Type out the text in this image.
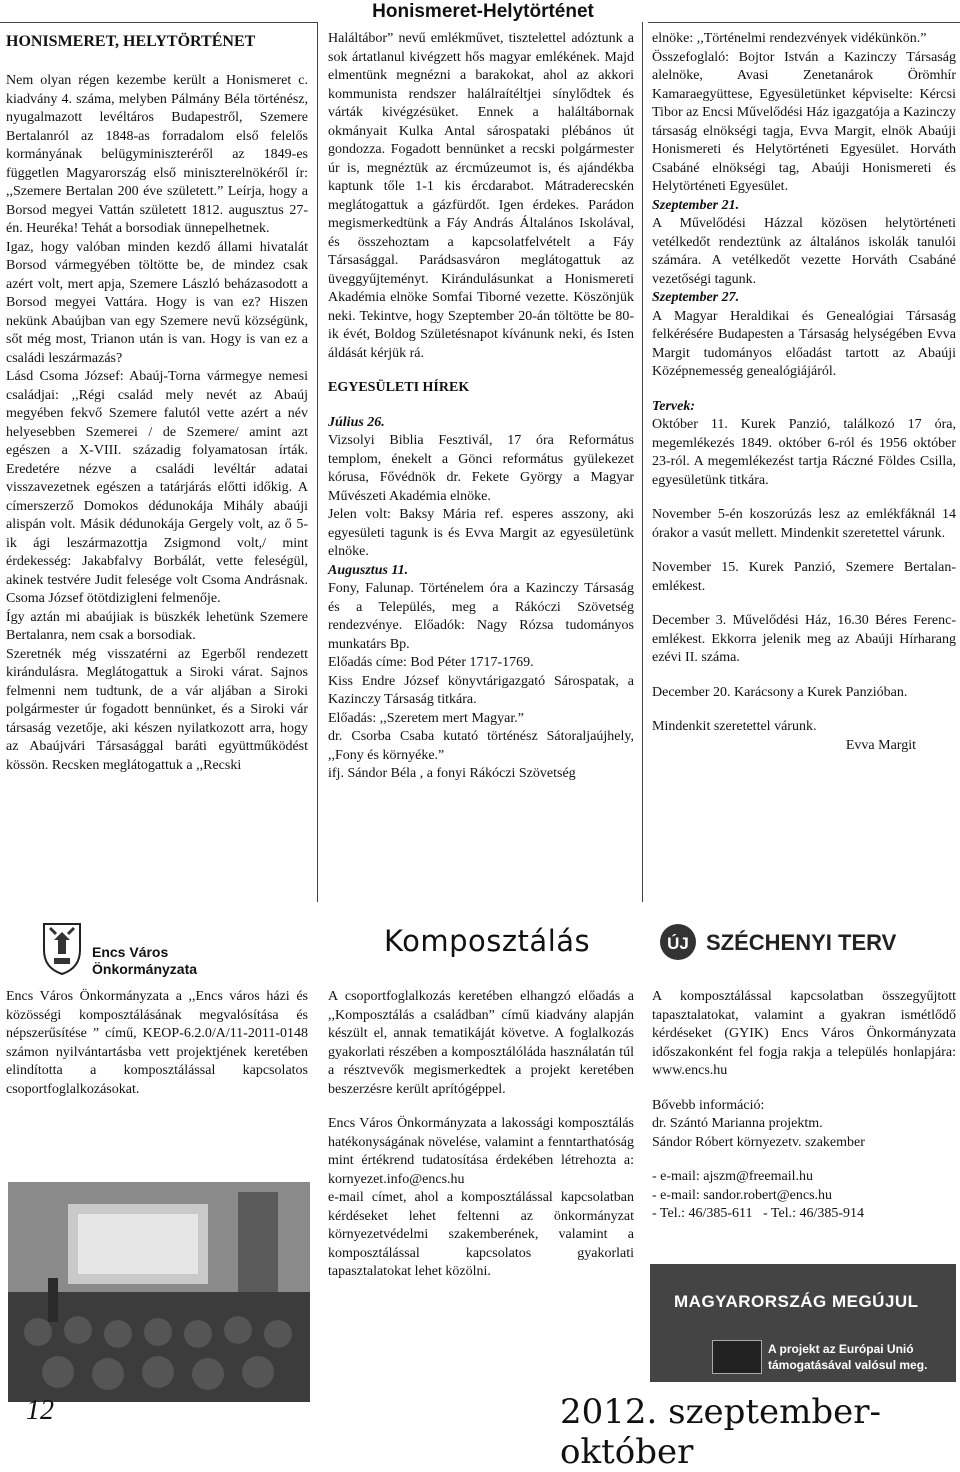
Honismeret-Helytörténet
HONISMERET, HELYTÖRTÉNET

Nem olyan régen kezembe került a Honismeret c. kiadvány 4. száma, melyben Pálmány Béla történész, nyugalmazott levéltáros Budapestről, Szemere Bertalanról az 1848-as forradalom első felelős kormányának belügyminiszteréről az 1849-es független Magyarország első miniszterelnökéről ír: ,,Szemere Bertalan 200 éve született.” Leírja, hogy a Borsod megyei Vattán született 1812. augusztus 27-én. Heuréka! Tehát a borsodiak ünnepelhetnek.

Igaz, hogy valóban minden kezdő állami hivatalát Borsod vármegyében töltötte be, de mindez csak azért volt, mert apja, Szemere László beházasodott a Borsod megyei Vattára. Hogy is van ez? Hiszen nekünk Abaújban van egy Szemere nevű községünk, sőt még most, Trianon után is van. Hogy is van ez a családi leszármazás?

Lásd Csoma József: Abaúj-Torna vármegye nemesi családjai: ,,Régi család mely nevét az Abaúj megyében fekvő Szemere falutól vette azért a név helyesebben Szemerei / de Szemere/ amint azt egészen a X-VIII. századig folyamatosan írták. Eredetére nézve a családi levéltár adatai visszavezetnek egészen a tatárjárás előtti időkig. A címerszerző Domokos dédunokája Mihály abaúji alispán volt. Másik dédunokája Gergely volt, az ő 5-ik ági leszármazottja Zsigmond volt,/ mint érdekesség: Jakabfalvy Borbálát, vette feleségül, akinek testvére Judit felesége volt Csoma Andrásnak. Csoma József ötötdizigleni felmenője.

Így aztán mi abaújiak is büszkék lehetünk Szemere Bertalanra, nem csak a borsodiak.

Szeretnék még visszatérni az Egerből rendezett kirándulásra. Meglátogattuk a Siroki várat. Sajnos felmenni nem tudtunk, de a vár aljában a Siroki polgármester úr fogadott bennünket, és a Siroki vár társaság vezetője, aki készen nyilatkozott arra, hogy az Abaújvári Társasággal baráti együttműködést kössön. Recsken meglátogattuk a ,,Recski

Haláltábor” nevű emlékművet, tisztelettel adóztunk a sok ártatlanul kivégzett hős magyar emlékének. Majd elmentünk megnézni a barakokat, ahol az akkori kommunista rendszer halálraítéltjei sínylődtek és várták kivégzésüket. Ennek a haláltábornak okmányait Kulka Antal sárospataki plébános út gondozza. Fogadott bennünket a recski polgármester úr is, megnéztük az ércmúzeumot is, és ajándékba kaptunk tőle 1-1 kis ércdarabot. Mátraderecskén meglátogattuk a gázfürdőt. Igen érdekes. Parádon megismerkedtünk a Fáy András Általános Iskolával, és összehoztam a kapcsolatfelvételt a Fáy Társasággal. Parádsasváron meglátogattuk az üveggyűjteményt. Kirándulásunkat a Honismereti Akadémia elnöke Somfai Tiborné vezette. Köszönjük neki. Tekintve, hogy Szeptember 20-án töltötte be 80-ik évét, Boldog Születésnapot kívánunk neki, és Isten áldását kérjük rá.

EGYESÜLETI HÍREK

Július 26.

Vizsolyi Biblia Fesztivál, 17 óra Református templom, énekelt a Gönci református gyülekezet kórusa, Fővédnök dr. Fekete György a Magyar Művészeti Akadémia elnöke.

Jelen volt: Baksy Mária ref. esperes asszony, aki egyesületi tagunk is és Evva Margit az egyesületünk elnöke.

Augusztus 11.

Fony, Falunap. Történelem óra a Kazinczy Társaság és a Település, meg a Rákóczi Szövetség rendezvénye. Előadók: Nagy Rózsa tudományos munkatárs Bp.

Előadás címe: Bod Péter 1717-1769.

Kiss Endre József könyvtárigazgató Sárospatak, a Kazinczy Társaság titkára.

Előadás: ,,Szeretem mert Magyar.”

dr. Csorba Csaba kutató történész Sátoraljaújhely, ,,Fony és környéke.”

ifj. Sándor Béla , a fonyi Rákóczi Szövetség

elnöke: ,,Történelmi rendezvények vidékünkön.”

Összefoglaló: Bojtor István a Kazinczy Társaság alelnöke, Avasi Zenetanárok Örömhír Kamaraegyüttese, Egyesületünket képviselte: Kércsi Tibor az Encsi Művelődési Ház igazgatója a Kazinczy társaság elnökségi tagja, Evva Margit, elnök Abaúji Honismereti és Helytörténeti Egyesület. Horváth Csabáné elnökségi tag, Abaúji Honismereti és Helytörténeti Egyesület.

Szeptember 21.

A Művelődési Házzal közösen helytörténeti vetélkedőt rendeztünk az általános iskolák tanulói számára. A vetélkedőt vezette Horváth Csabáné vezetőségi tagunk.

Szeptember 27.

A Magyar Heraldikai és Genealógiai Társaság felkérésére Budapesten a Társaság helységében Evva Margit tudományos előadást tartott az Abaúji Középnemesség genealógiájáról.

Tervek:

Október 11. Kurek Panzió, találkozó 17 óra, megemlékezés 1849. október 6-ról és 1956 október 23-ról. A megemlékezést tartja Ráczné Földes Csilla, egyesületünk titkára.

November 5-én koszorúzás lesz az emlékfáknál 14 órakor a vasút mellett. Mindenkit szeretettel várunk.

November 15. Kurek Panzió, Szemere Bertalan-emlékest.

December 3. Művelődési Ház, 16.30 Béres Ferenc-emlékest. Ekkorra jelenik meg az Abaúji Hírharang ezévi II. száma.

December 20. Karácsony a Kurek Panzióban.

Mindenkit szeretettel várunk.

Evva Margit

Encs Város
Önkormányzata
Komposztálás	ÚJ SZÉCHENYI TERV

Encs Város Önkormányzata a ,,Encs város házi és közösségi komposztálásának megvalósítása és népszerűsítése ” című, KEOP-6.2.0/A/11-2011-0148 számon nyilvántartásba vett projektjének keretében elindította a komposztálással kapcsolatos csoportfoglalkozásokat.

A csoportfoglalkozás keretében elhangzó előadás a ,,Komposztálás a családban” című kiadvány alapján készült el, annak tematikáját követve. A foglalkozás gyakorlati részében a komposztálóláda használatán túl a résztvevők megismerkedtek a projekt keretében beszerzésre került aprítógéppel.

Encs Város Önkormányzata a lakossági komposztálás hatékonyságának növelése, valamint a fenntarthatóság mint értékrend tudatosítása érdekében létrehozta a: kornyezet.info@encs.hu

e-mail címet, ahol a komposztálással kapcsolatban kérdéseket lehet feltenni az önkormányzat környezetvédelmi szakemberének, valamint a komposztálással kapcsolatos gyakorlati tapasztalatokat lehet közölni.

A komposztálással kapcsolatban összegyűjtott tapasztalatokat, valamint a gyakran ismétlődő kérdéseket (GYIK) Encs Város Önkormányzata időszakonként fel fogja rakja a település honlapjára: www.encs.hu

Bővebb információ:

dr. Szántó Marianna projektm.

Sándor Róbert környezetv. szakember

- e-mail: ajszm@freemail.hu

- e-mail: sandor.robert@encs.hu

- Tel.: 46/385-611   - Tel.: 46/385-914

MAGYARORSZÁG MEGÚJUL
A projekt az Európai Unió
támogatásával valósul meg.
12	2012. szeptember-október
